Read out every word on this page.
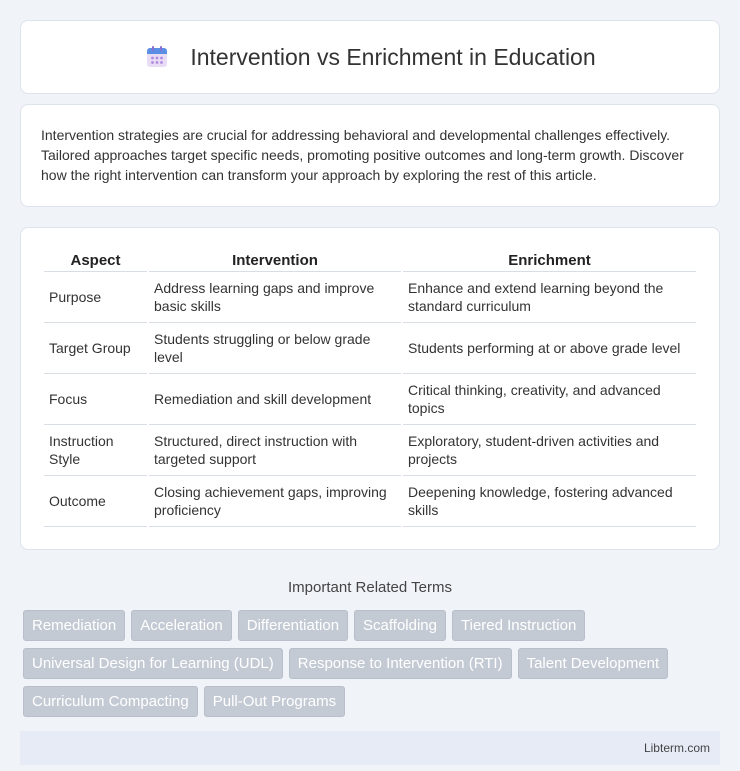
Intervention vs Enrichment in Education
Intervention strategies are crucial for addressing behavioral and developmental challenges effectively. Tailored approaches target specific needs, promoting positive outcomes and long-term growth. Discover how the right intervention can transform your approach by exploring the rest of this article.
Aspect	Intervention	Enrichment
Purpose	Address learning gaps and improve basic skills	Enhance and extend learning beyond the standard curriculum
Target Group	Students struggling or below grade level	Students performing at or above grade level
Focus	Remediation and skill development	Critical thinking, creativity, and advanced topics
Instruction Style	Structured, direct instruction with targeted support	Exploratory, student-driven activities and projects
Outcome	Closing achievement gaps, improving proficiency	Deepening knowledge, fostering advanced skills
Important Related Terms
Remediation	Acceleration	Differentiation	Scaffolding	Tiered Instruction
Universal Design for Learning (UDL)	Response to Intervention (RTI)	Talent Development
Curriculum Compacting	Pull-Out Programs
Libterm.com
